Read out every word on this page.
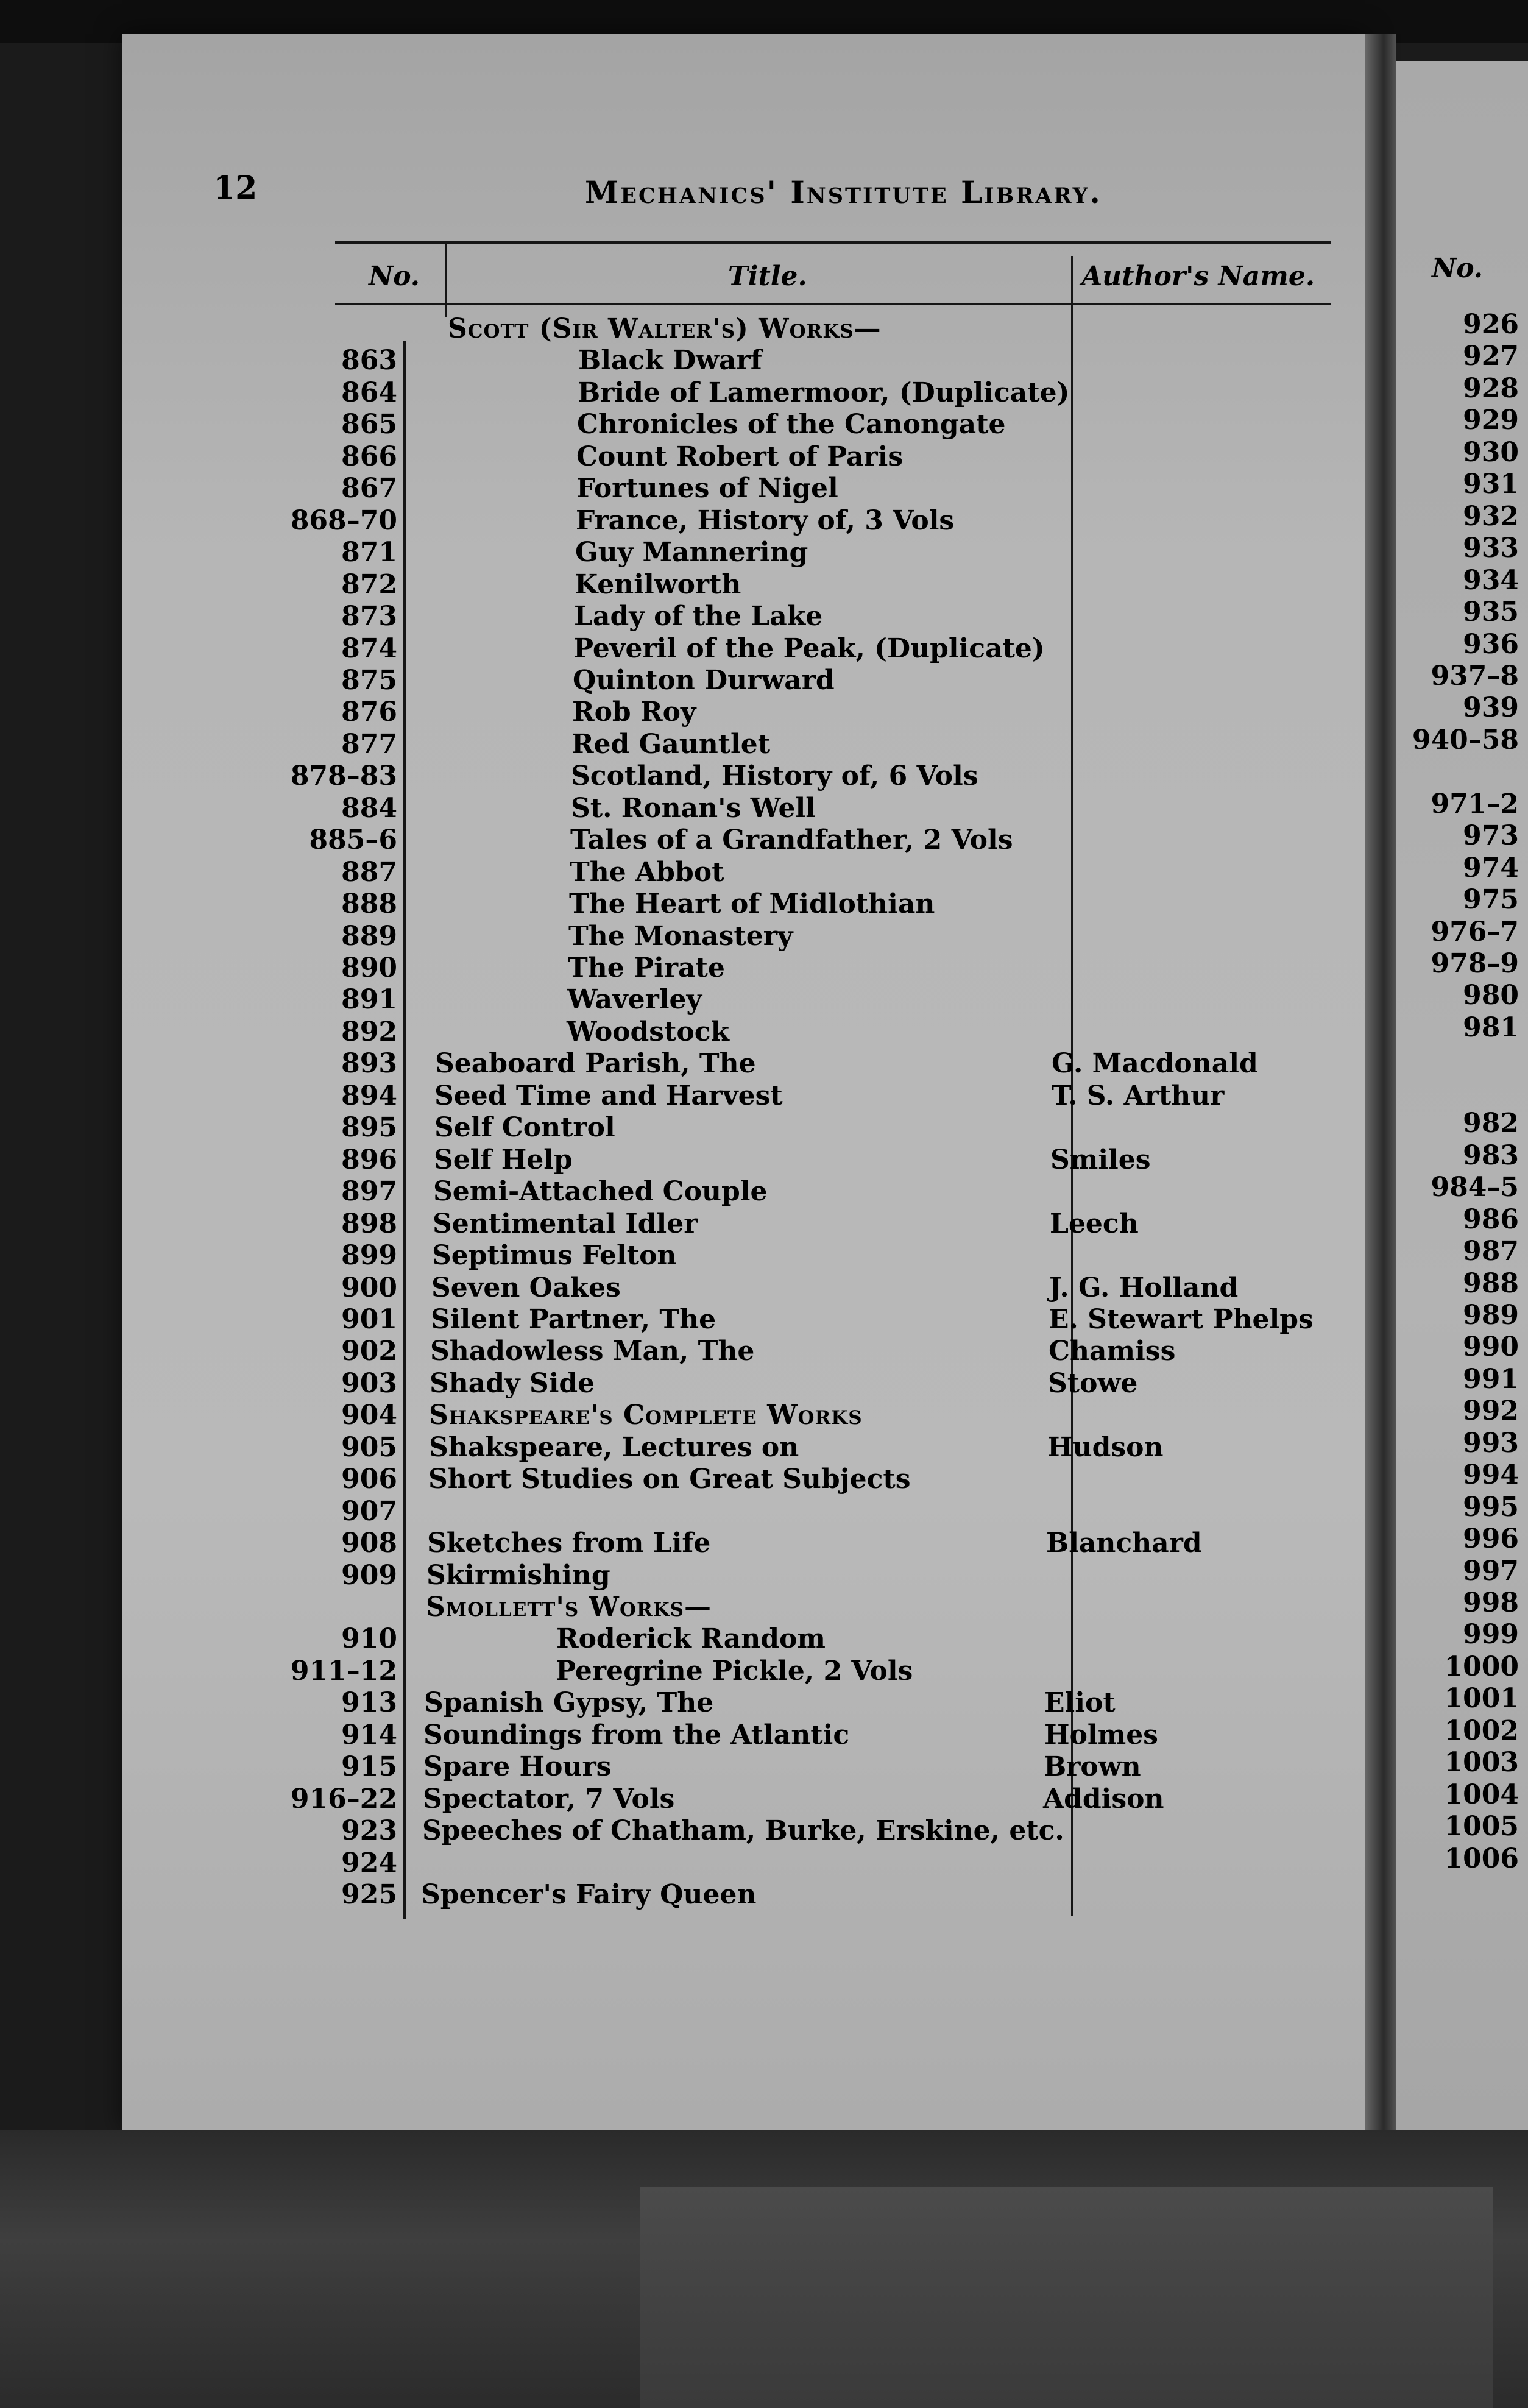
12	Mechanics' Institute Library.
No.	Title.	Author's Name.
Scott (Sir Walter's) Works—
863	Black Dwarf
864	Bride of Lamermoor, (Duplicate)
865	Chronicles of the Canongate
866	Count Robert of Paris
867	Fortunes of Nigel
868–70	France, History of, 3 Vols
871	Guy Mannering
872	Kenilworth
873	Lady of the Lake
874	Peveril of the Peak, (Duplicate)
875	Quinton Durward
876	Rob Roy
877	Red Gauntlet
878–83	Scotland, History of, 6 Vols
884	St. Ronan's Well
885–6	Tales of a Grandfather, 2 Vols
887	The Abbot
888	The Heart of Midlothian
889	The Monastery
890	The Pirate
891	Waverley
892	Woodstock
893 Seaboard Parish, The	G. Macdonald
894 Seed Time and Harvest	T. S. Arthur
895 Self Control
896 Self Help	Smiles
897 Semi-Attached Couple
898 Sentimental Idler	Leech
899 Septimus Felton
900 Seven Oakes	J. G. Holland
901 Silent Partner, The	E. Stewart Phelps
902 Shadowless Man, The	Chamiss
903 Shady Side	Stowe
904 Shakspeare's Complete Works
905 Shakspeare, Lectures on	Hudson
906 Short Studies on Great Subjects
907
908 Sketches from Life	Blanchard
909 Skirmishing
Smollett's Works—
910	Roderick Random
911–12	Peregrine Pickle, 2 Vols
913 Spanish Gypsy, The	Eliot
914 Soundings from the Atlantic	Holmes
915 Spare Hours	Brown
916–22 Spectator, 7 Vols	Addison
923 Speeches of Chatham, Burke, Erskine, etc.
924
925 Spencer's Fairy Queen
No.
926
927
928
929
930
931
932
933
934
935
936
937–8
939
940–58
971–2
973
974
975
976–7
978–9
980
981
982
983
984–5
986
987
988
989
990
991
992
993
994
995
996
997
998
999
1000
1001
1002
1003
1004
1005
1006
